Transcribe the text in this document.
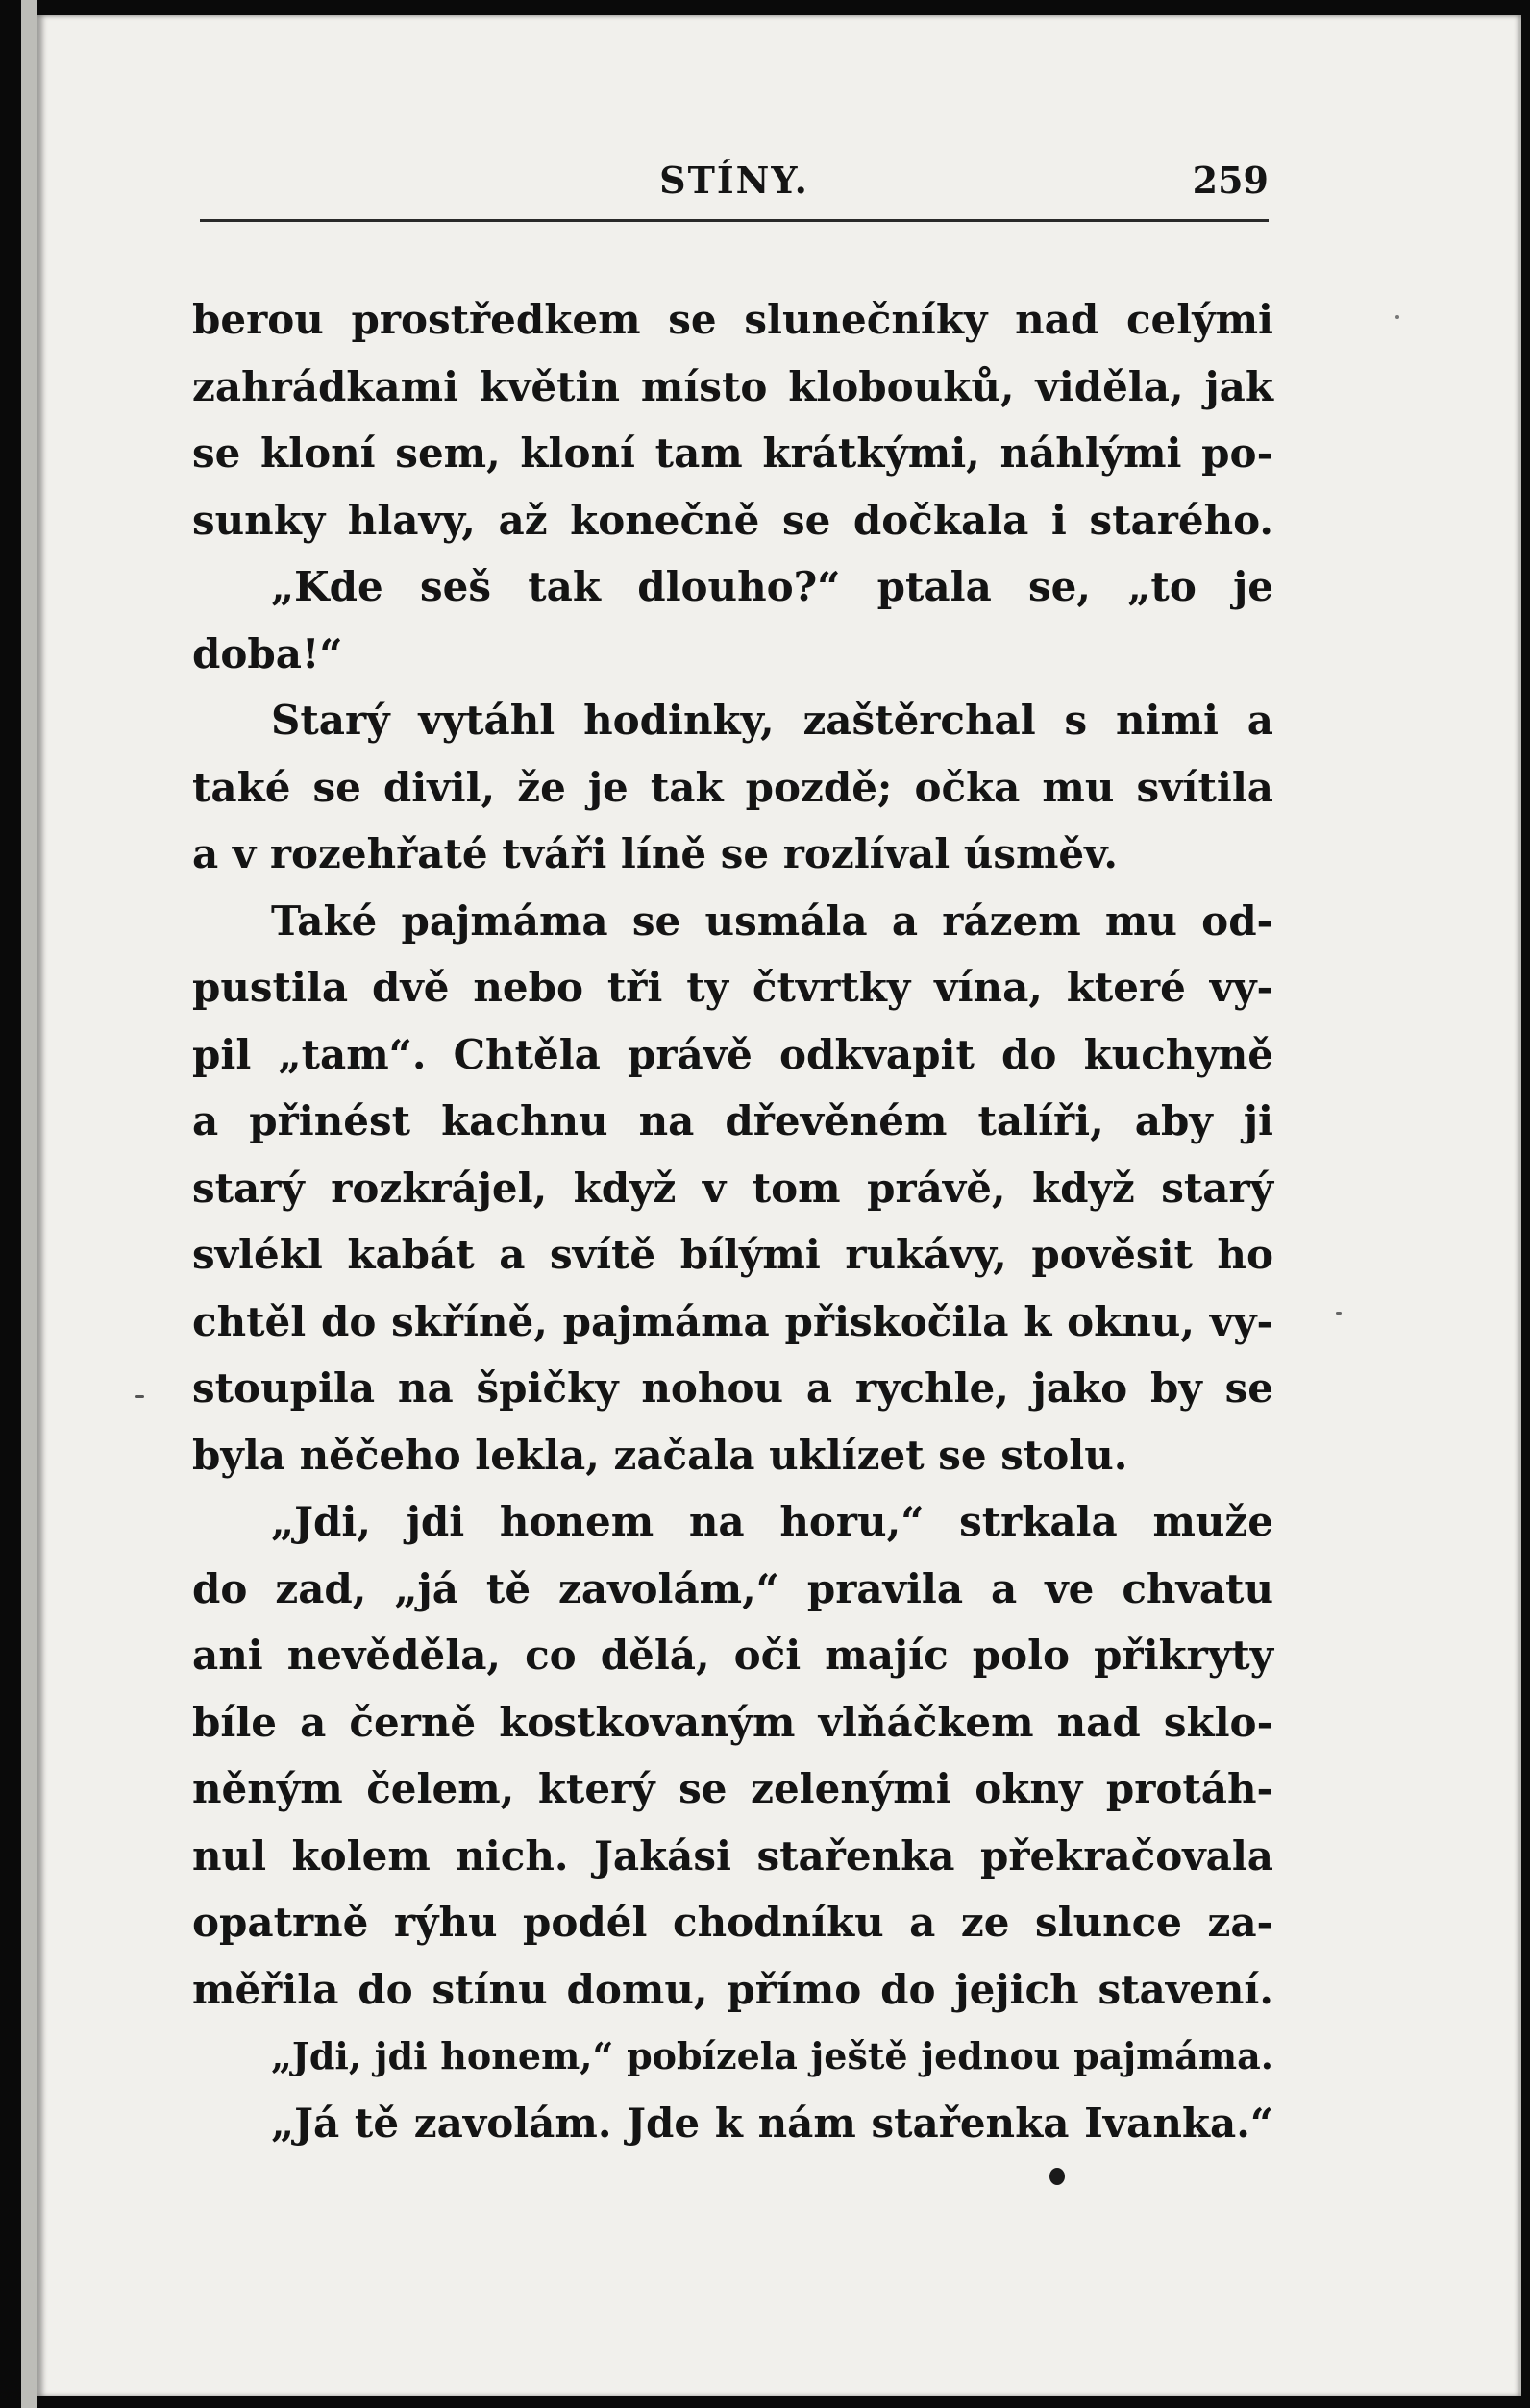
STÍNY.	259
berou prostředkem se slunečníky nad celými
zahrádkami květin místo klobouků, viděla, jak
se kloní sem, kloní tam krátkými, náhlými po-
sunky hlavy, až konečně se dočkala i starého.
„Kde seš tak dlouho?“ ptala se, „to je
doba!“
Starý vytáhl hodinky, zaštěrchal s nimi a
také se divil, že je tak pozdě; očka mu svítila
a v rozehřaté tváři líně se rozlíval úsměv.
Také pajmáma se usmála a rázem mu od-
pustila dvě nebo tři ty čtvrtky vína, které vy-
pil „tam“. Chtěla právě odkvapit do kuchyně
a přinést kachnu na dřevěném talíři, aby ji
starý rozkrájel, když v tom právě, když starý
svlékl kabát a svítě bílými rukávy, pověsit ho
chtěl do skříně, pajmáma přiskočila k oknu, vy-
stoupila na špičky nohou a rychle, jako by se
byla něčeho lekla, začala uklízet se stolu.
„Jdi, jdi honem na horu,“ strkala muže
do zad, „já tě zavolám,“ pravila a ve chvatu
ani nevěděla, co dělá, oči majíc polo přikryty
bíle a černě kostkovaným vlňáčkem nad sklo-
něným čelem, který se zelenými okny protáh-
nul kolem nich. Jakási stařenka překračovala
opatrně rýhu podél chodníku a ze slunce za-
měřila do stínu domu, přímo do jejich stavení.
„Jdi, jdi honem,“ pobízela ještě jednou pajmáma.
„Já tě zavolám. Jde k nám stařenka Ivanka.“
